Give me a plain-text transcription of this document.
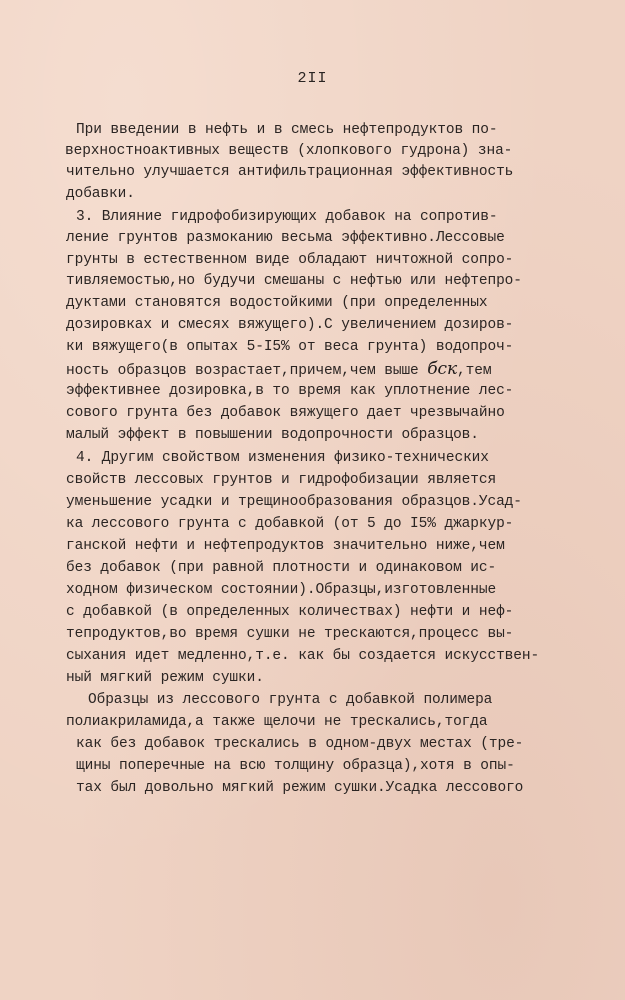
2II
При введении в нефть и в смесь нефтепродуктов по-
верхностноактивных веществ (хлопкового гудрона) зна-
чительно улучшается антифильтрационная эффективность
добавки.
3. Влияние гидрофобизирующих добавок на сопротив-
ление грунтов размоканию весьма эффективно.Лессовые
грунты в естественном виде обладают ничтожной сопро-
тивляемостью,но будучи смешаны с нефтью или нефтепро-
дуктами становятся водостойкими (при определенных
дозировках и смесях вяжущего).С увеличением дозиров-
ки вяжущего(в опытах 5-I5% от веса грунта) водопроч-
ность образцов возрастает,причем,чем выше бск,тем
эффективнее дозировка,в то время как уплотнение лес-
сового грунта без добавок вяжущего дает чрезвычайно
малый эффект в повышении водопрочности образцов.
4. Другим свойством изменения физико-технических
свойств лессовых грунтов и гидрофобизации является
уменьшение усадки и трещинообразования образцов.Усад-
ка лессового грунта с добавкой (от 5 до I5% джаркур-
ганской нефти и нефтепродуктов значительно ниже,чем
без добавок (при равной плотности и одинаковом ис-
ходном физическом состоянии).Образцы,изготовленные
с добавкой (в определенных количествах) нефти и неф-
тепродуктов,во время сушки не трескаются,процесс вы-
сыхания идет медленно,т.е. как бы создается искусствен-
ный мягкий режим сушки.
Образцы из лессового грунта с добавкой полимера
полиакриламида,а также щелочи не трескались,тогда
как без добавок трескались в одном-двух местах (тре-
щины поперечные на всю толщину образца),хотя в опы-
тах был довольно мягкий режим сушки.Усадка лессового
